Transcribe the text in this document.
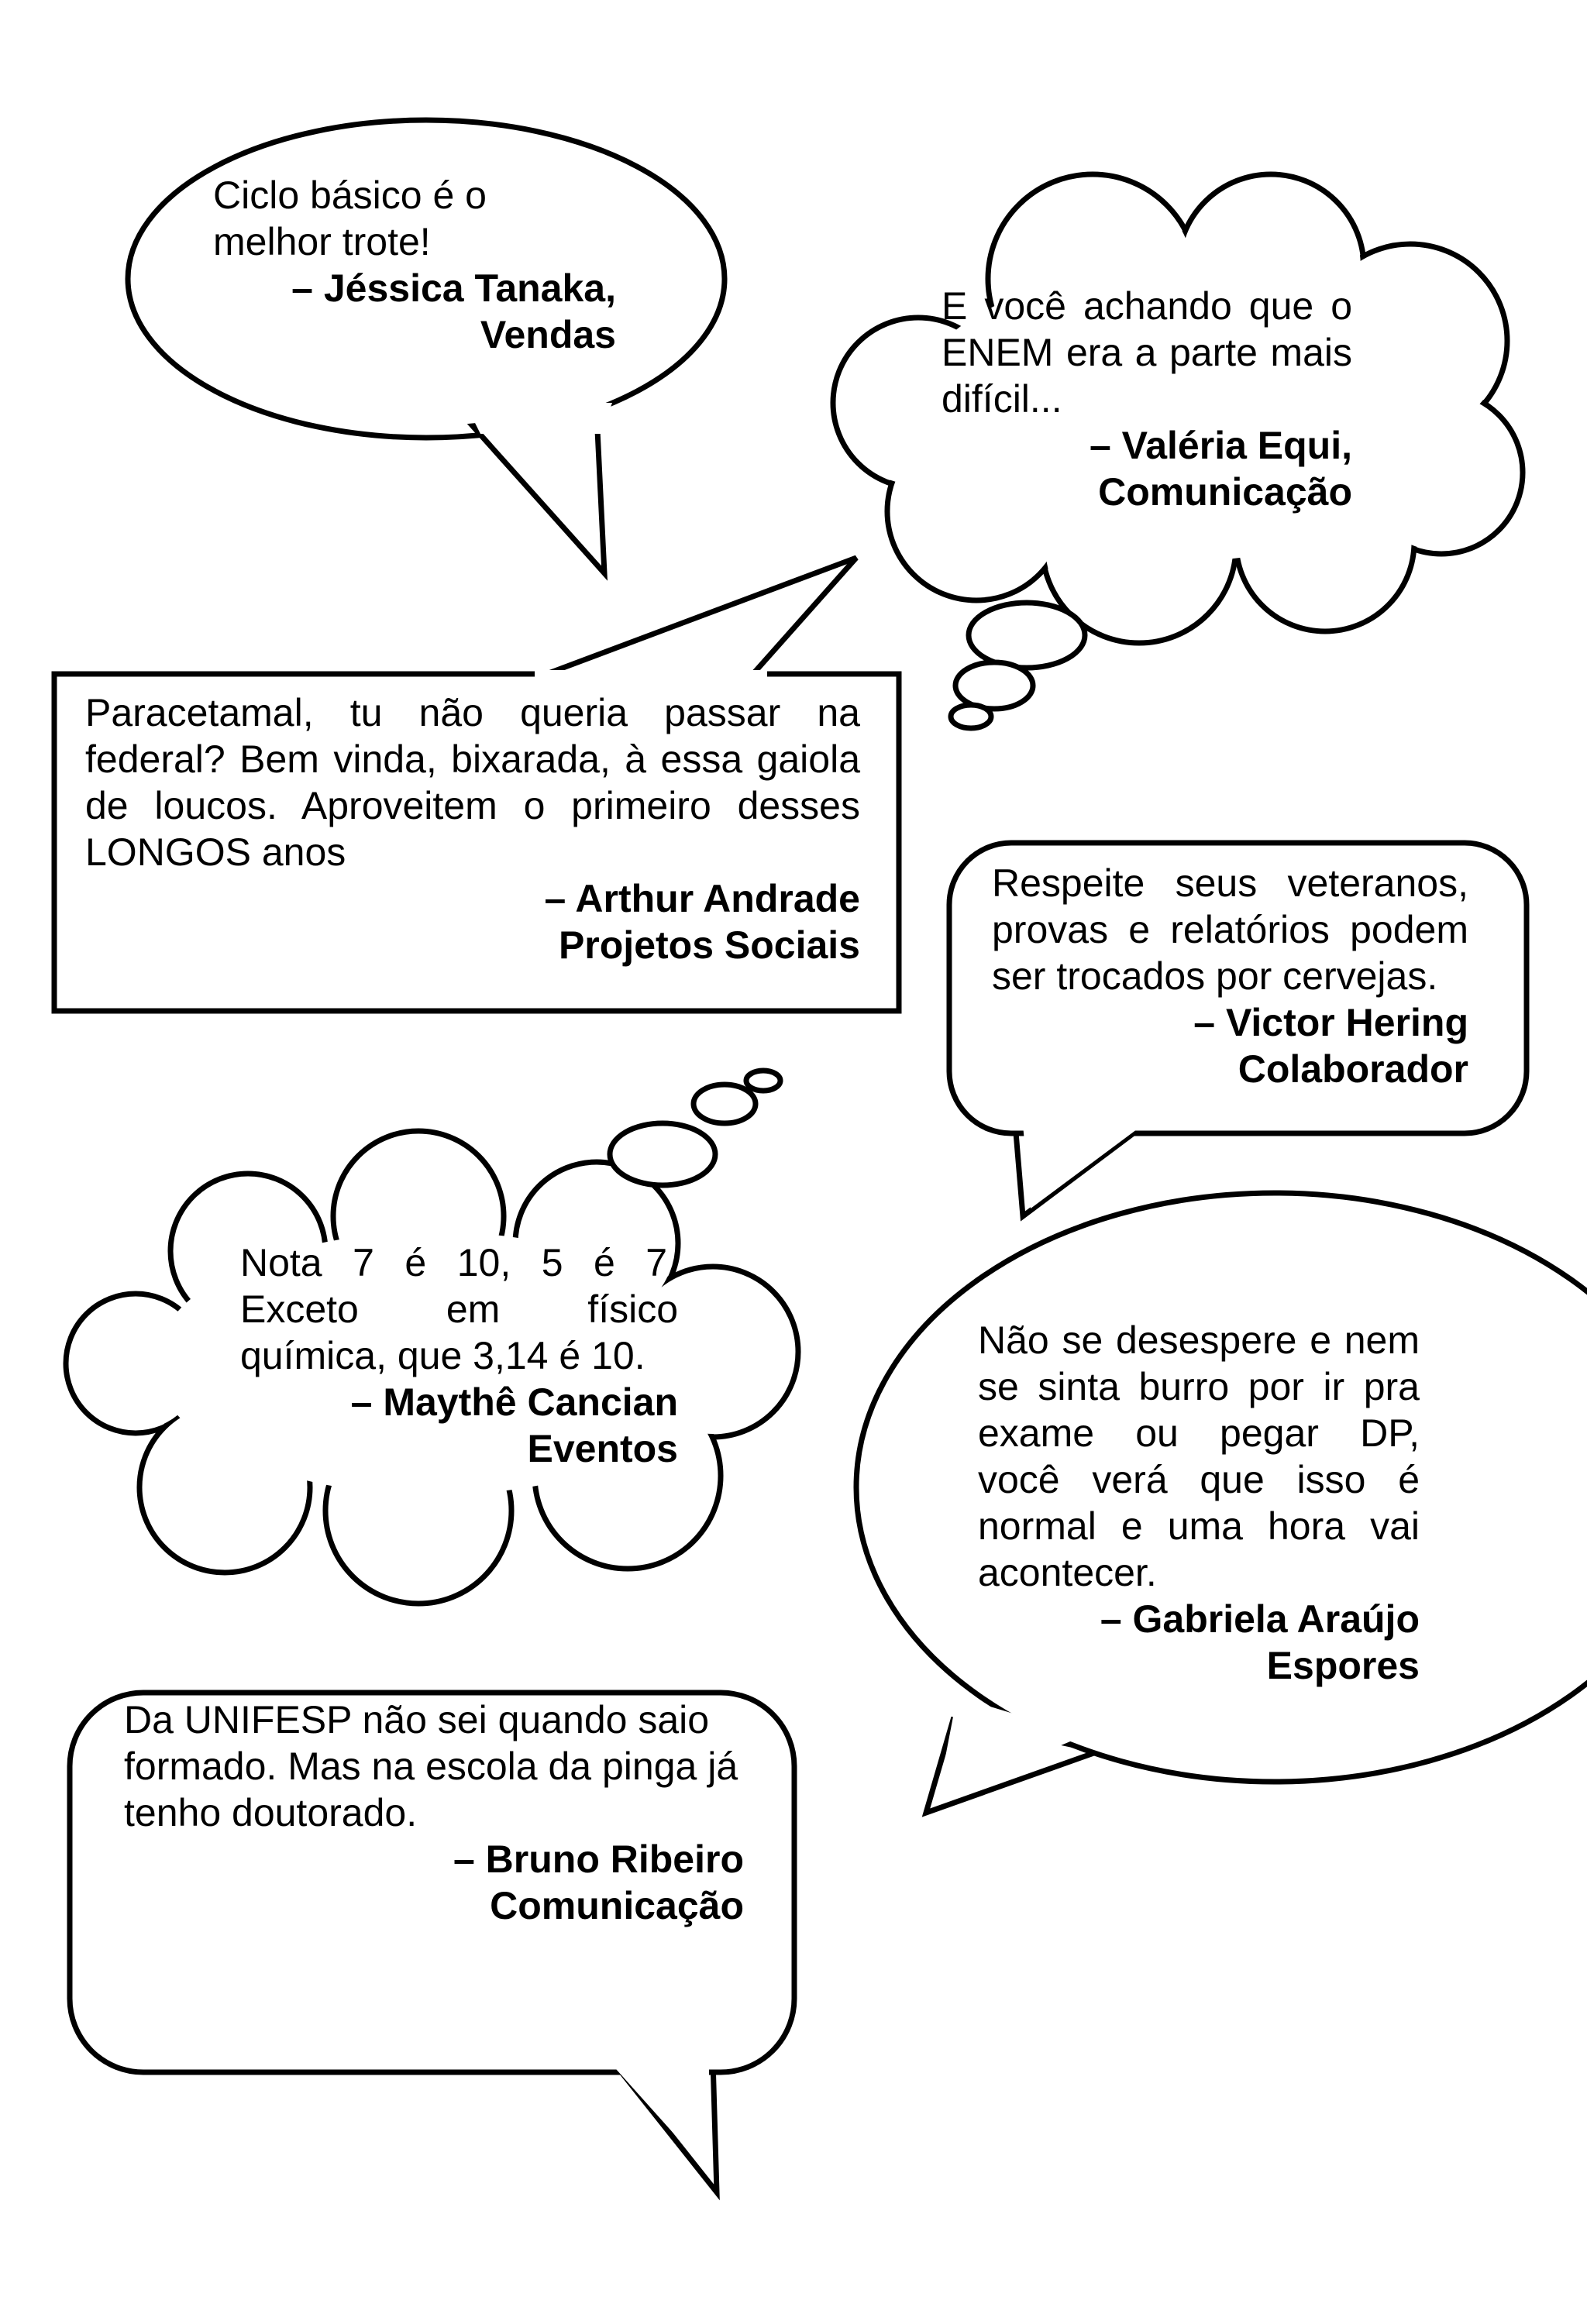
Ciclo básico é o
melhor trote!
– Jéssica Tanaka,
Vendas
E você achando que o ENEM era a parte mais difícil...
– Valéria Equi,
Comunicação
Paracetamal, tu não queria passar na federal? Bem vinda, bixarada, à essa gaiola de loucos. Aproveitem o primeiro desses LONGOS anos
– Arthur Andrade
Projetos Sociais
Respeite seus veteranos, provas e relatórios podem ser trocados por cervejas.
– Victor Hering
Colaborador
Nota 7 é 10, 5 é 7. Exceto em físico química, que 3,14 é 10.
– Maythê Cancian
Eventos
Não se desespere e nem se sinta burro por ir pra exame ou pegar DP, você verá que isso é normal e uma hora vai acontecer.
– Gabriela Araújo
Espores
Da UNIFESP não sei quando saio formado. Mas na escola da pinga já tenho doutorado.
– Bruno Ribeiro
Comunicação
